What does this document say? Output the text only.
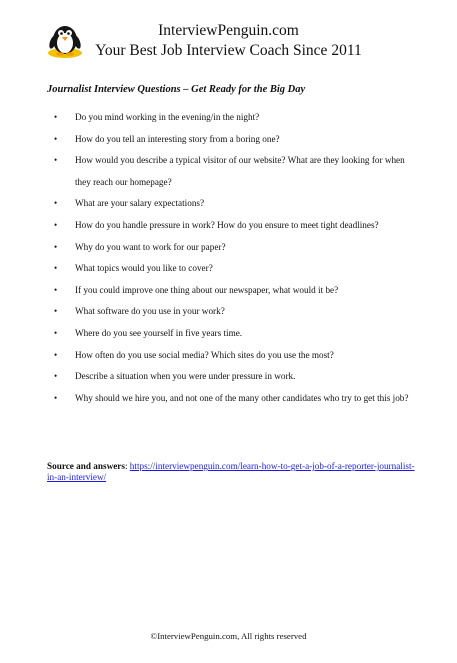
InterviewPenguin.com
Your Best Job Interview Coach Since 2011
Journalist Interview Questions – Get Ready for the Big Day
• Do you mind working in the evening/in the night?
• How do you tell an interesting story from a boring one?
• How would you describe a typical visitor of our website? What are they looking for when they reach our homepage?
• What are your salary expectations?
• How do you handle pressure in work? How do you ensure to meet tight deadlines?
• Why do you want to work for our paper?
• What topics would you like to cover?
• If you could improve one thing about our newspaper, what would it be?
• What software do you use in your work?
• Where do you see yourself in five years time.
• How often do you use social media? Which sites do you use the most?
• Describe a situation when you were under pressure in work.
• Why should we hire you, and not one of the many other candidates who try to get this job?
Source and answers: https://interviewpenguin.com/learn-how-to-get-a-job-of-a-reporter-journalist-in-an-interview/
©InterviewPenguin.com, All rights reserved
